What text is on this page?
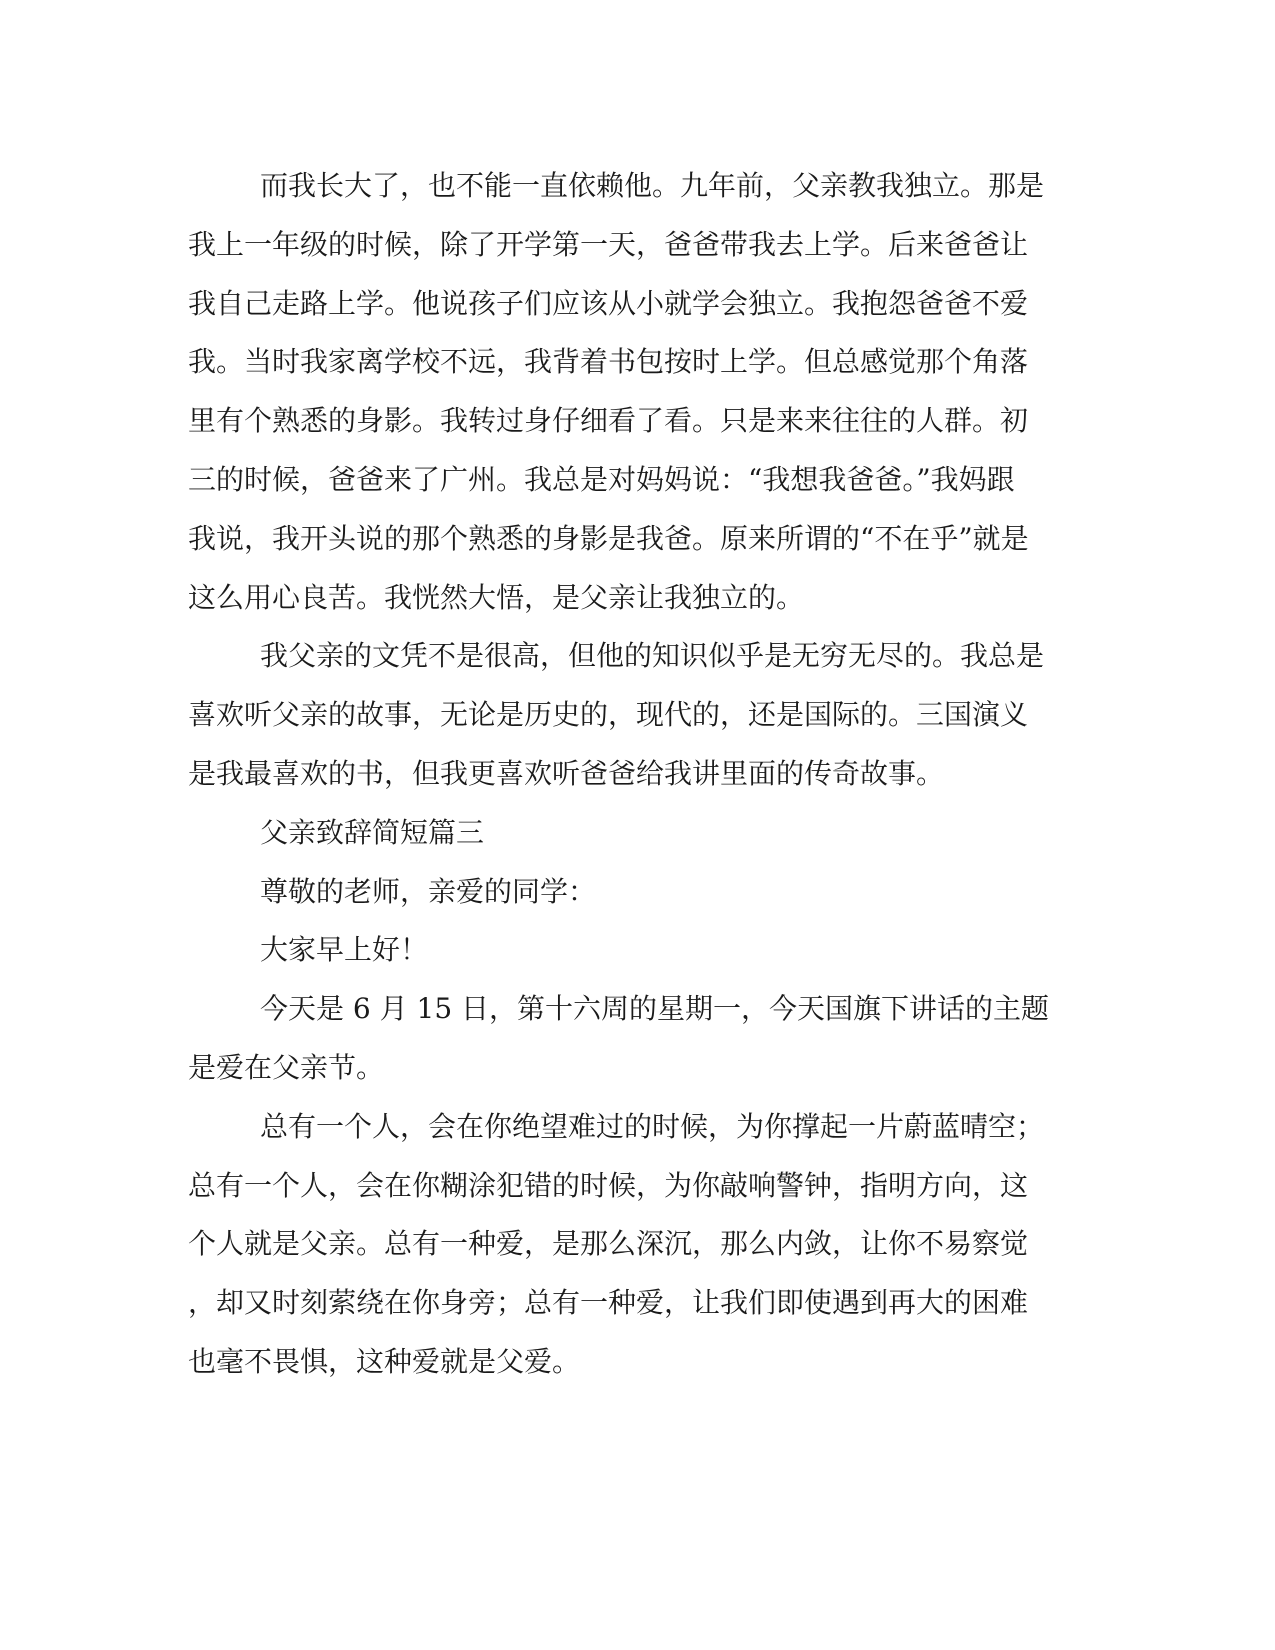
而我长大了，也不能一直依赖他。九年前，父亲教我独立。那是
我上一年级的时候，除了开学第一天，爸爸带我去上学。后来爸爸让
我自己走路上学。他说孩子们应该从小就学会独立。我抱怨爸爸不爱
我。当时我家离学校不远，我背着书包按时上学。但总感觉那个角落
里有个熟悉的身影。我转过身仔细看了看。只是来来往往的人群。初
三的时候，爸爸来了广州。我总是对妈妈说：“我想我爸爸。”我妈跟
我说，我开头说的那个熟悉的身影是我爸。原来所谓的“不在乎”就是
这么用心良苦。我恍然大悟，是父亲让我独立的。

我父亲的文凭不是很高，但他的知识似乎是无穷无尽的。我总是
喜欢听父亲的故事，无论是历史的，现代的，还是国际的。三国演义
是我最喜欢的书，但我更喜欢听爸爸给我讲里面的传奇故事。

父亲致辞简短篇三

尊敬的老师，亲爱的同学：

大家早上好！

今天是 6 月 15 日，第十六周的星期一，今天国旗下讲话的主题
是爱在父亲节。

总有一个人，会在你绝望难过的时候，为你撑起一片蔚蓝晴空；
总有一个人，会在你糊涂犯错的时候，为你敲响警钟，指明方向，这
个人就是父亲。总有一种爱，是那么深沉，那么内敛，让你不易察觉
，却又时刻萦绕在你身旁；总有一种爱，让我们即使遇到再大的困难
也毫不畏惧，这种爱就是父爱。
